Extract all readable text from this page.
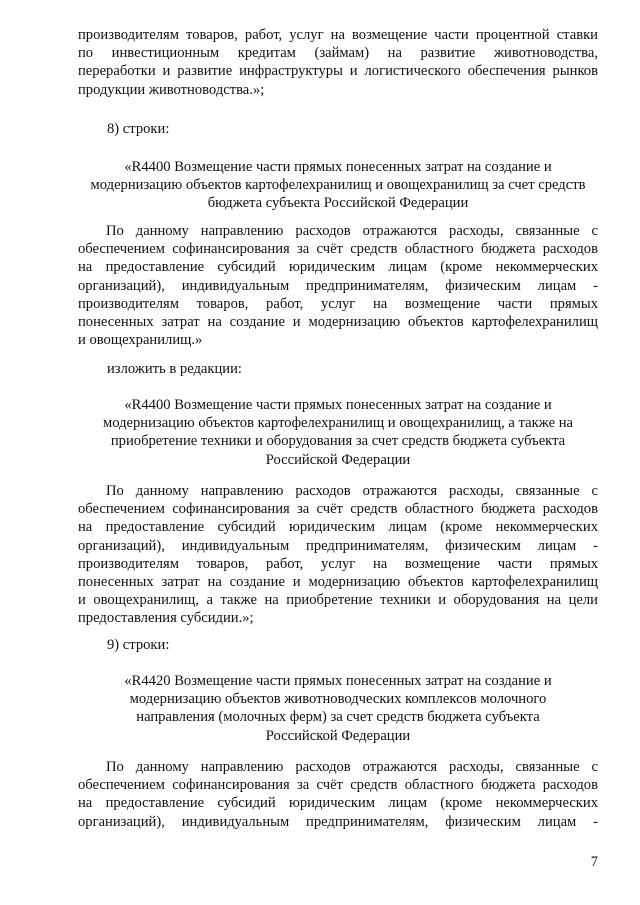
производителям товаров, работ, услуг на возмещение части процентной ставки

по инвестиционным кредитам (займам) на развитие животноводства,

переработки и развитие инфраструктуры и логистического обеспечения рынков

продукции животноводства.»;

8) строки:

«R4400 Возмещение части прямых понесенных затрат на создание и

модернизацию объектов картофелехранилищ и овощехранилищ за счет средств

бюджета субъекта Российской Федерации

По данному направлению расходов отражаются расходы, связанные с

обеспечением софинансирования за счёт средств областного бюджета расходов

на предоставление субсидий юридическим лицам (кроме некоммерческих

организаций), индивидуальным предпринимателям, физическим лицам -

производителям товаров, работ, услуг на возмещение части прямых

понесенных затрат на создание и модернизацию объектов картофелехранилищ

и овощехранилищ.»

изложить в редакции:

«R4400 Возмещение части прямых понесенных затрат на создание и

модернизацию объектов картофелехранилищ и овощехранилищ, а также на

приобретение техники и оборудования за счет средств бюджета субъекта

Российской Федерации

По данному направлению расходов отражаются расходы, связанные с

обеспечением софинансирования за счёт средств областного бюджета расходов

на предоставление субсидий юридическим лицам (кроме некоммерческих

организаций), индивидуальным предпринимателям, физическим лицам -

производителям товаров, работ, услуг на возмещение части прямых

понесенных затрат на создание и модернизацию объектов картофелехранилищ

и овощехранилищ, а также на приобретение техники и оборудования на цели

предоставления субсидии.»;

9) строки:

«R4420 Возмещение части прямых понесенных затрат на создание и

модернизацию объектов животноводческих комплексов молочного

направления (молочных ферм) за счет средств бюджета субъекта

Российской Федерации

По данному направлению расходов отражаются расходы, связанные с

обеспечением софинансирования за счёт средств областного бюджета расходов

на предоставление субсидий юридическим лицам (кроме некоммерческих

организаций), индивидуальным предпринимателям, физическим лицам -

7
